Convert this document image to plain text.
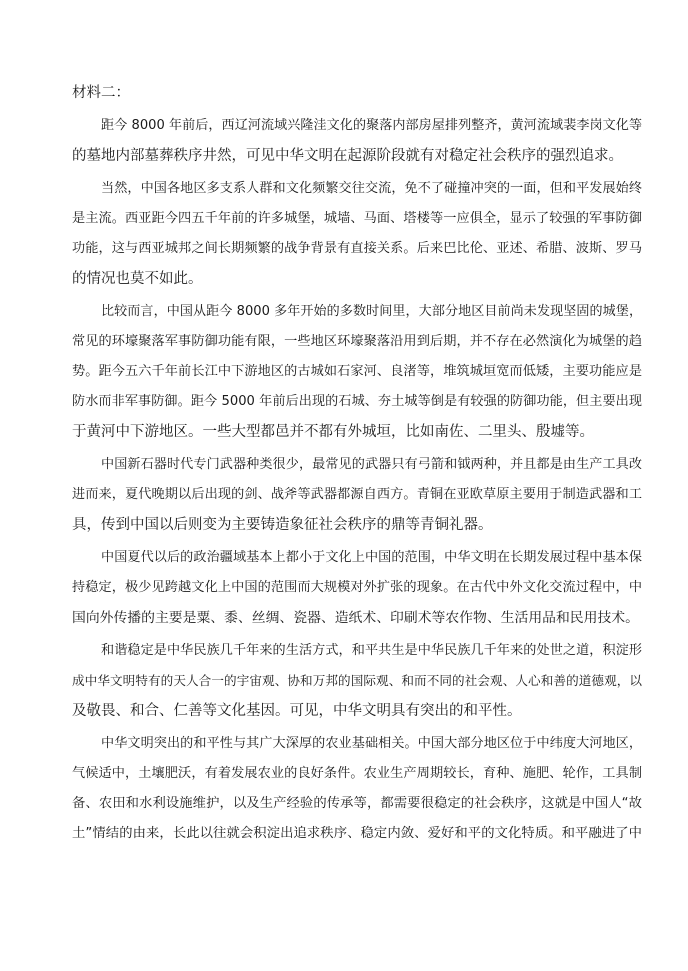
材料二：
距今 8000 年前后，西辽河流域兴隆洼文化的聚落内部房屋排列整齐，黄河流域裴李岗文化等
的墓地内部墓葬秩序井然，可见中华文明在起源阶段就有对稳定社会秩序的强烈追求。
当然，中国各地区多支系人群和文化频繁交往交流，免不了碰撞冲突的一面，但和平发展始终
是主流。西亚距今四五千年前的许多城堡，城墙、马面、塔楼等一应俱全，显示了较强的军事防御
功能，这与西亚城邦之间长期频繁的战争背景有直接关系。后来巴比伦、亚述、希腊、波斯、罗马
的情况也莫不如此。
比较而言，中国从距今 8000 多年开始的多数时间里，大部分地区目前尚未发现坚固的城堡，
常见的环壕聚落军事防御功能有限，一些地区环壕聚落沿用到后期，并不存在必然演化为城堡的趋
势。距今五六千年前长江中下游地区的古城如石家河、良渚等，堆筑城垣宽而低矮，主要功能应是
防水而非军事防御。距今 5000 年前后出现的石城、夯土城等倒是有较强的防御功能，但主要出现
于黄河中下游地区。一些大型都邑并不都有外城垣，比如南佐、二里头、殷墟等。
中国新石器时代专门武器种类很少，最常见的武器只有弓箭和钺两种，并且都是由生产工具改
进而来，夏代晚期以后出现的剑、战斧等武器都源自西方。青铜在亚欧草原主要用于制造武器和工
具，传到中国以后则变为主要铸造象征社会秩序的鼎等青铜礼器。
中国夏代以后的政治疆域基本上都小于文化上中国的范围，中华文明在长期发展过程中基本保
持稳定，极少见跨越文化上中国的范围而大规模对外扩张的现象。在古代中外文化交流过程中，中
国向外传播的主要是粟、黍、丝绸、瓷器、造纸术、印刷术等农作物、生活用品和民用技术。
和谐稳定是中华民族几千年来的生活方式，和平共生是中华民族几千年来的处世之道，积淀形
成中华文明特有的天人合一的宇宙观、协和万邦的国际观、和而不同的社会观、人心和善的道德观，以
及敬畏、和合、仁善等文化基因。可见，中华文明具有突出的和平性。
中华文明突出的和平性与其广大深厚的农业基础相关。中国大部分地区位于中纬度大河地区，
气候适中，土壤肥沃，有着发展农业的良好条件。农业生产周期较长，育种、施肥、轮作，工具制
备、农田和水利设施维护，以及生产经验的传承等，都需要很稳定的社会秩序，这就是中国人“故
土”情结的由来，长此以往就会积淀出追求秩序、稳定内敛、爱好和平的文化特质。和平融进了中
